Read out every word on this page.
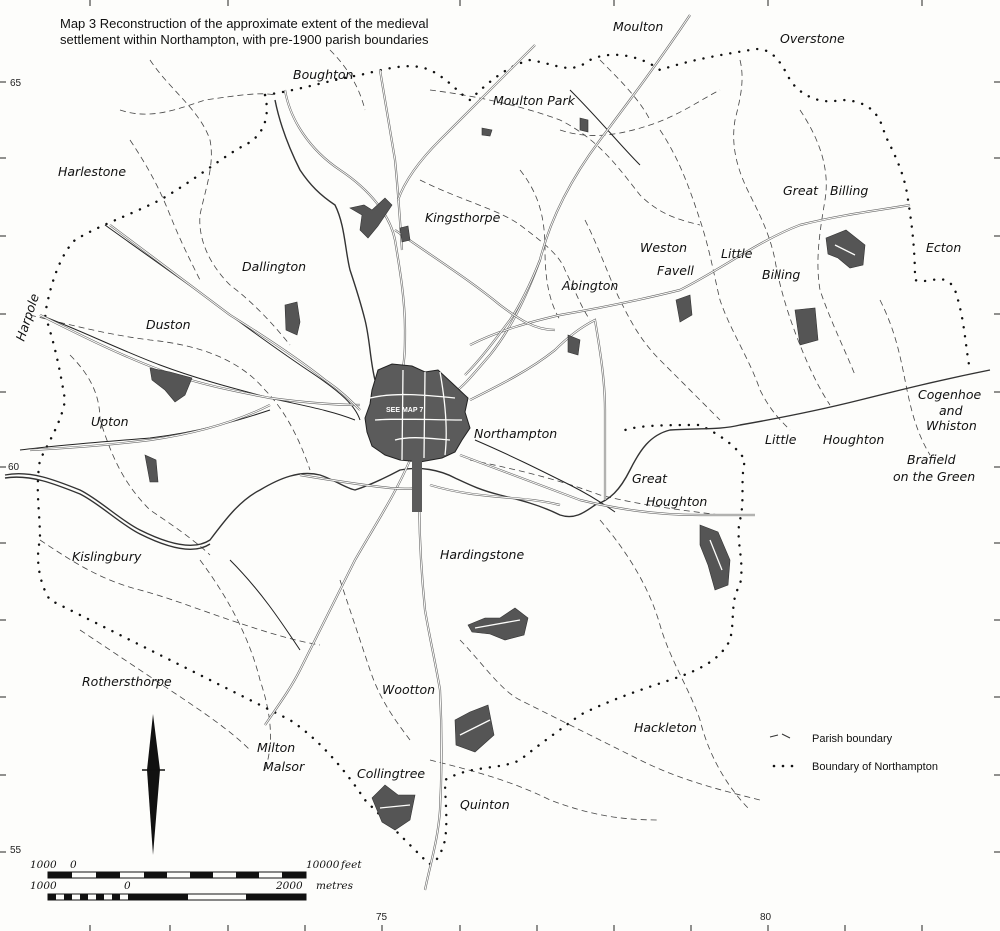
SEE MAP 7
Moulton
Overstone
Boughton
Moulton Park
Harlestone
Great Billing
Kingsthorpe
Weston	Little	Ecton
Dallington	Favell	Billing
Abington
Harpole	Duston
Upton
Northampton
Cogenhoe
and
Whiston
Little Houghton
Brafield
on the Green
Great
Houghton
Kislingbury	Hardingstone
Rothersthorpe
Wootton
Hackleton
Milton
Malsor	Collingtree
Quinton
65
60
55
75	80
Parish boundary
Boundary of Northampton
1000 0	10000 feet
1000	0	2000 metres
Map 3 Reconstruction of the approximate extent of the medieval settlement within Northampton, with pre-1900 parish boundaries
